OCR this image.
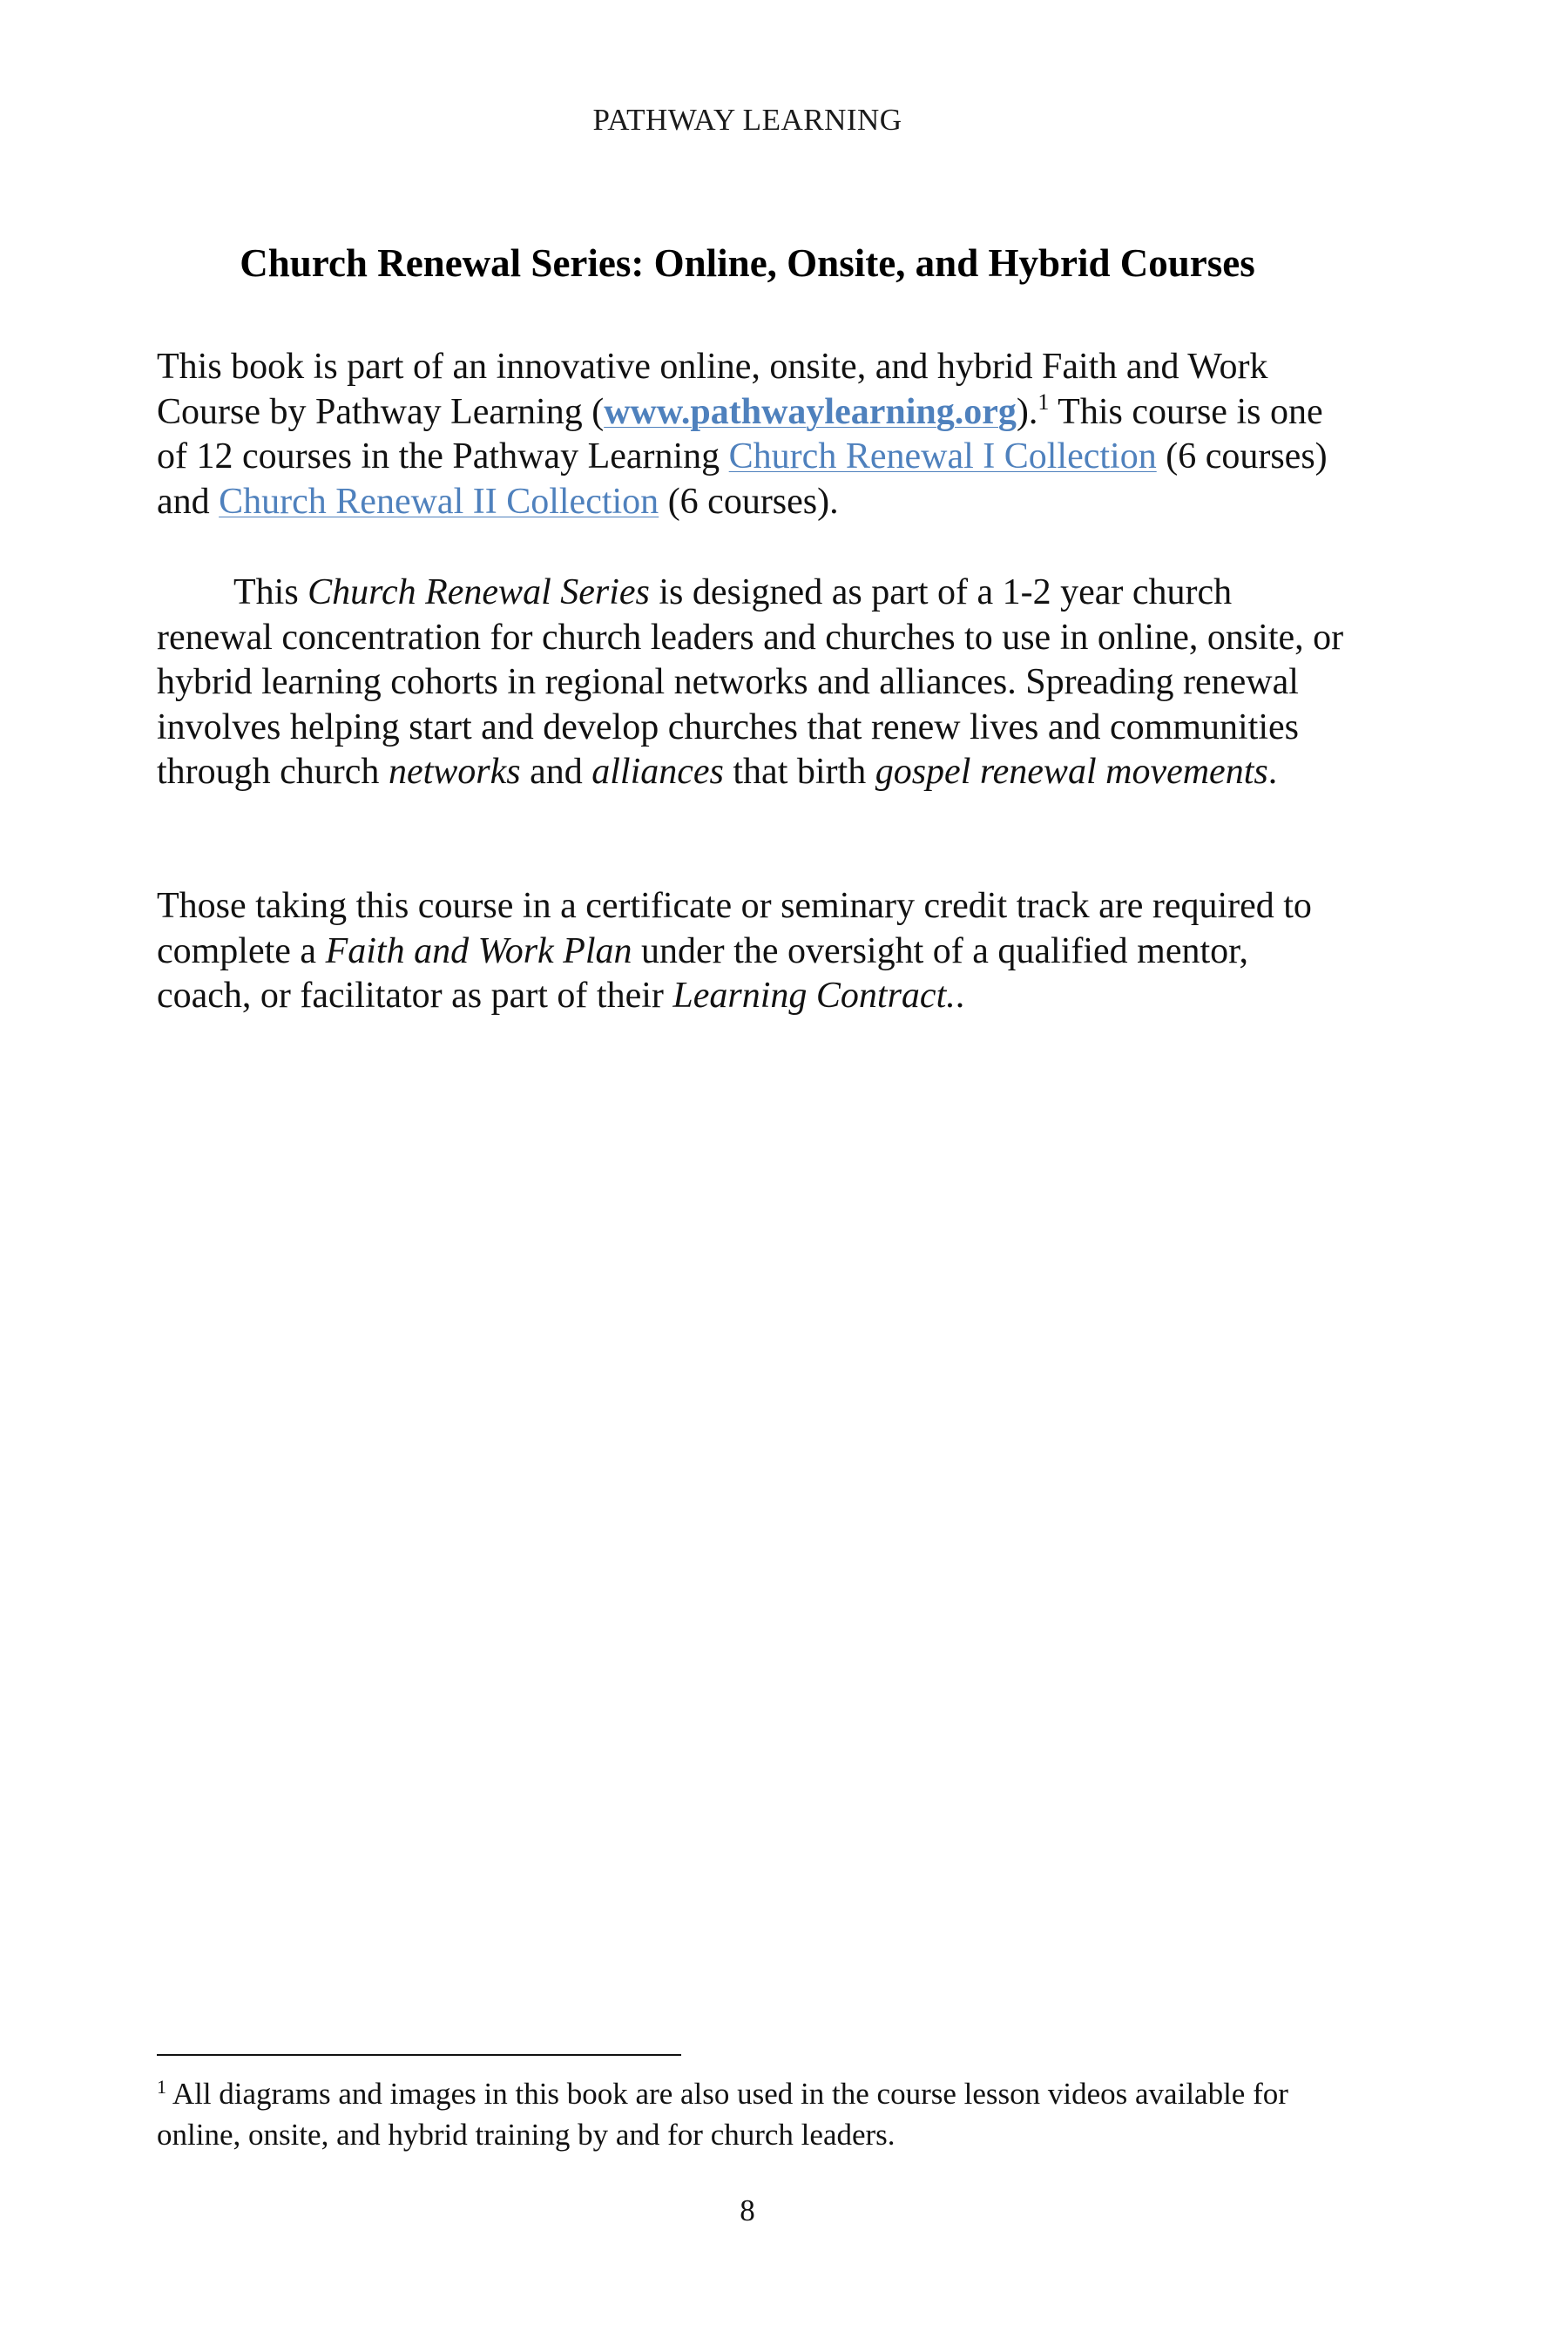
PATHWAY LEARNING
Church Renewal Series: Online, Onsite, and Hybrid Courses
This book is part of an innovative online, onsite, and hybrid Faith and Work Course by Pathway Learning (www.pathwaylearning.org).$^1$ This course is one of 12 courses in the Pathway Learning Church Renewal I Collection (6 courses) and Church Renewal II Collection (6 courses).
This Church Renewal Series is designed as part of a 1-2 year church renewal concentration for church leaders and churches to use in online, onsite, or hybrid learning cohorts in regional networks and alliances. Spreading renewal involves helping start and develop churches that renew lives and communities through church networks and alliances that birth gospel renewal movements.
Those taking this course in a certificate or seminary credit track are required to complete a Faith and Work Plan under the oversight of a qualified mentor, coach, or facilitator as part of their Learning Contract..
$^1$ All diagrams and images in this book are also used in the course lesson videos available for online, onsite, and hybrid training by and for church leaders.
8
